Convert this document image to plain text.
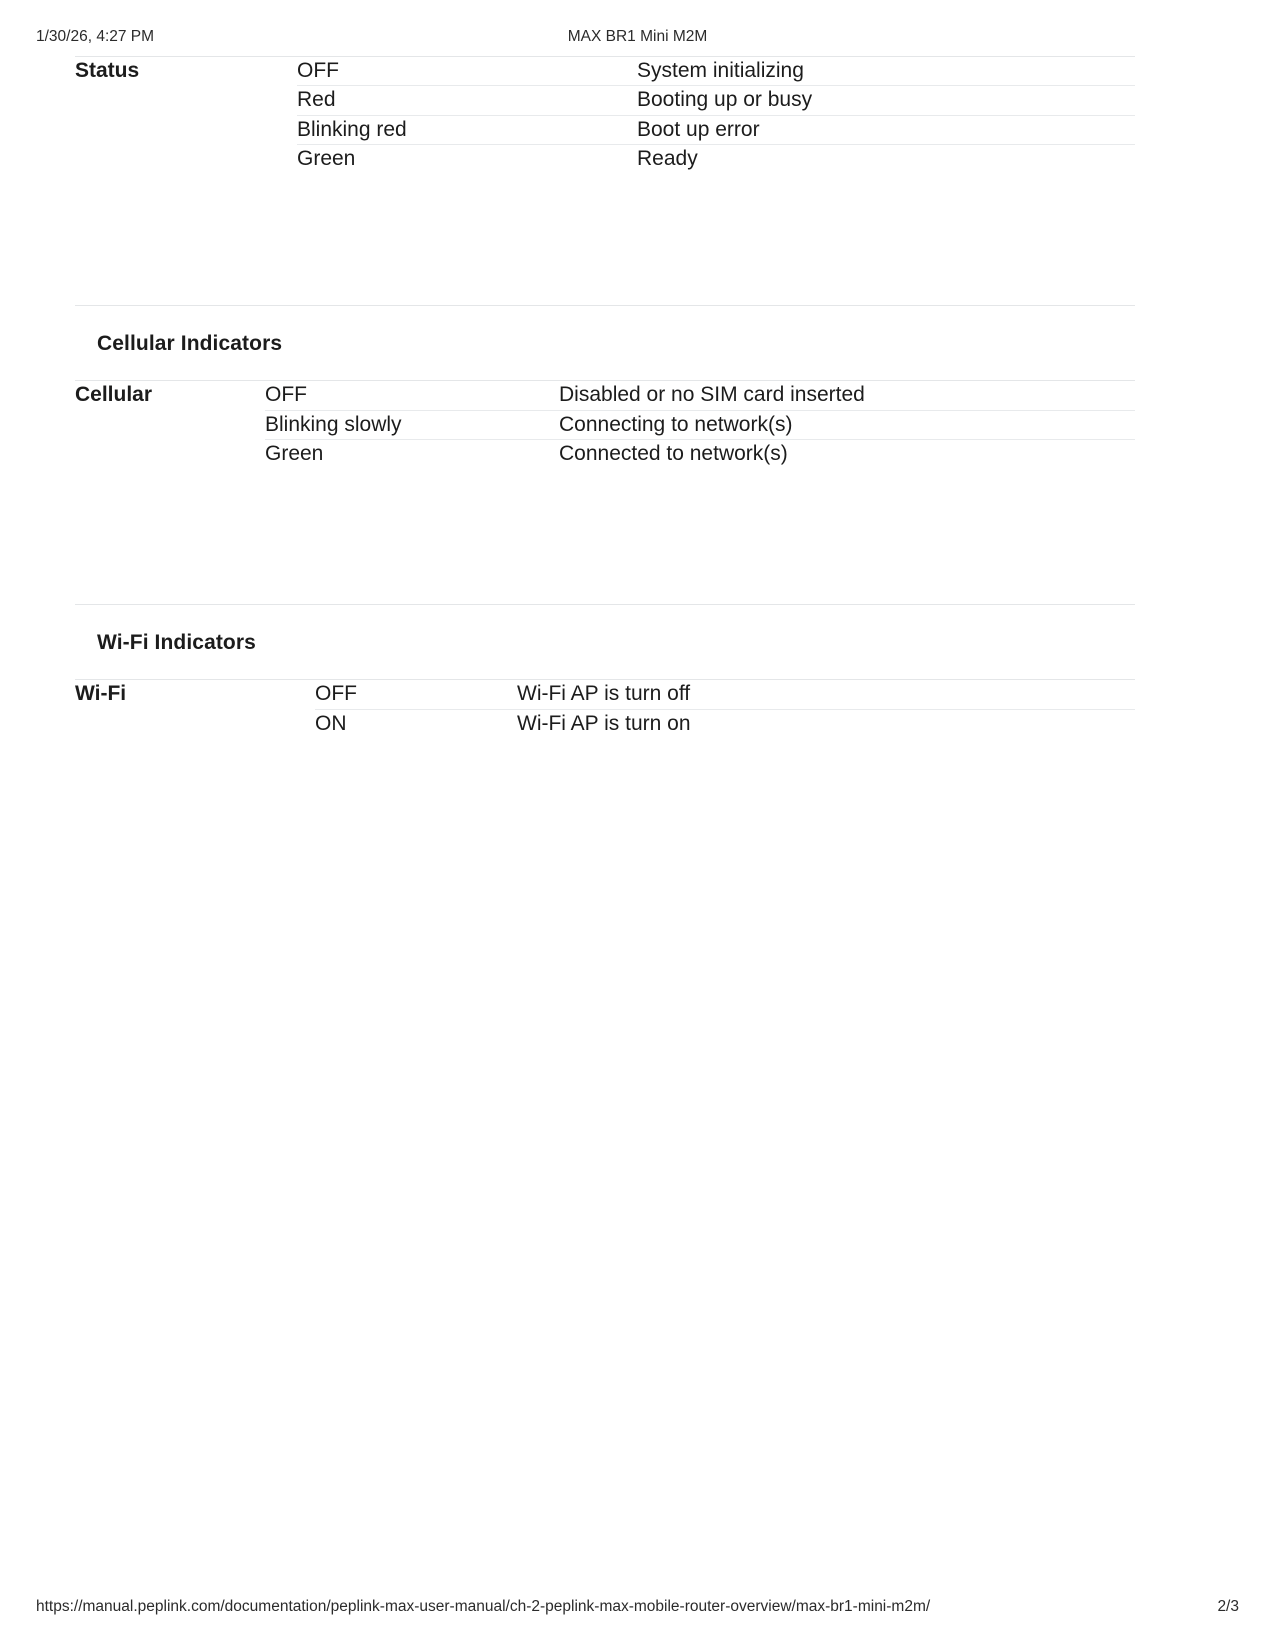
1/30/26, 4:27 PM	MAX BR1 Mini M2M
Status	OFF	System initializing
	Red	Booting up or busy
	Blinking red	Boot up error
	Green	Ready
Cellular Indicators
Cellular	OFF	Disabled or no SIM card inserted
	Blinking slowly	Connecting to network(s)
	Green	Connected to network(s)
Wi-Fi Indicators
Wi-Fi	OFF	Wi-Fi AP is turn off
	ON	Wi-Fi AP is turn on
https://manual.peplink.com/documentation/peplink-max-user-manual/ch-2-peplink-max-mobile-router-overview/max-br1-mini-m2m/	2/3
